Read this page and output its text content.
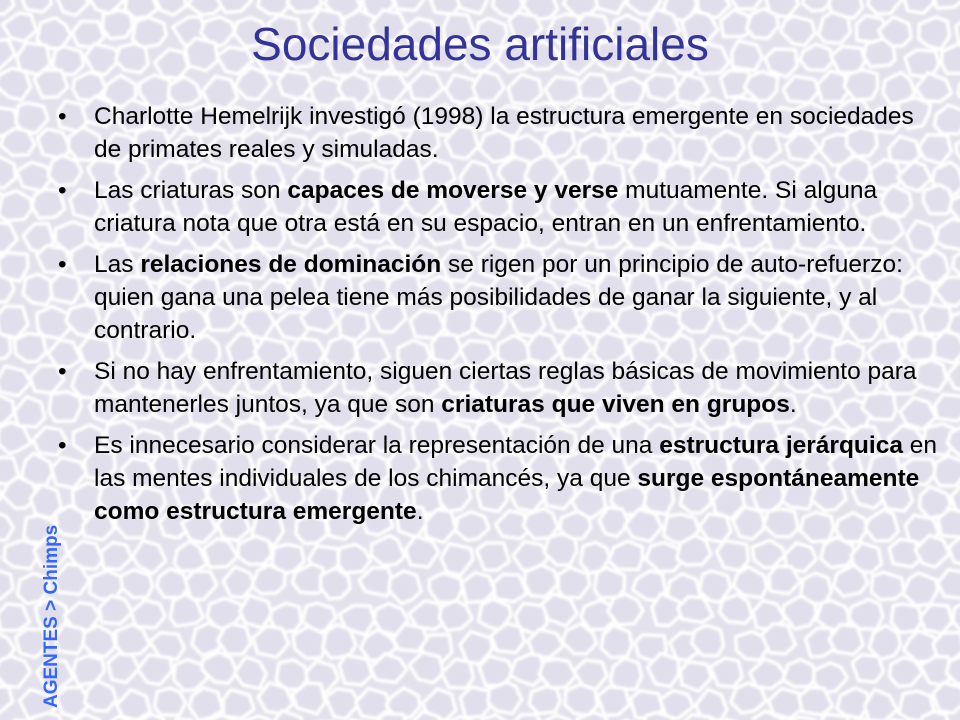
Sociedades artificiales
•	Charlotte Hemelrijk investigó (1998) la estructura emergente en sociedades de primates reales y simuladas.
•	Las criaturas son capaces de moverse y verse mutuamente. Si alguna criatura nota que otra está en su espacio, entran en un enfrentamiento.
•	Las relaciones de dominación se rigen por un principio de auto-refuerzo: quien gana una pelea tiene más posibilidades de ganar la siguiente, y al contrario.
•	Si no hay enfrentamiento, siguen ciertas reglas básicas de movimiento para mantenerles juntos, ya que son criaturas que viven en grupos.
•	Es innecesario considerar la representación de una estructura jerárquica en las mentes individuales de los chimancés, ya que surge espontáneamente como estructura emergente.
AGENTES > Chimps
